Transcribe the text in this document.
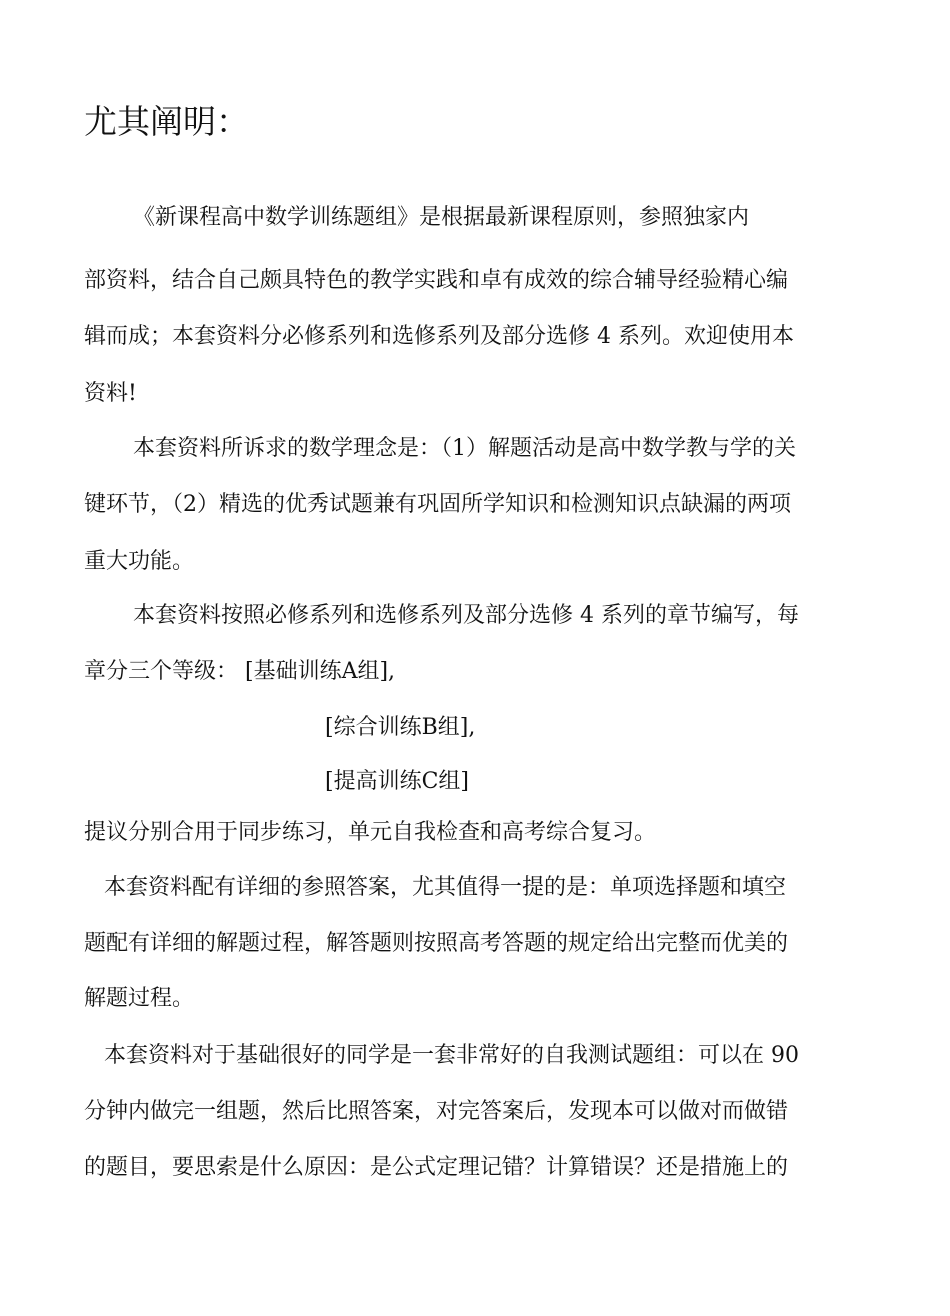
尤其阐明：

《新课程高中数学训练题组》是根据最新课程原则，参照独家内

部资料，结合自己颇具特色的教学实践和卓有成效的综合辅导经验精心编

辑而成；本套资料分必修系列和选修系列及部分选修 4 系列。欢迎使用本

资料!

本套资料所诉求的数学理念是：（1）解题活动是高中数学教与学的关

键环节，（2）精选的优秀试题兼有巩固所学知识和检测知识点缺漏的两项

重大功能。

本套资料按照必修系列和选修系列及部分选修 4 系列的章节编写，每

章分三个等级： [基础训练A组],

[综合训练B组],

[提高训练C组]

提议分别合用于同步练习，单元自我检查和高考综合复习。

本套资料配有详细的参照答案，尤其值得一提的是：单项选择题和填空

题配有详细的解题过程，解答题则按照高考答题的规定给出完整而优美的

解题过程。

本套资料对于基础很好的同学是一套非常好的自我测试题组：可以在 90

分钟内做完一组题，然后比照答案，对完答案后，发现本可以做对而做错

的题目，要思索是什么原因：是公式定理记错？计算错误？还是措施上的
